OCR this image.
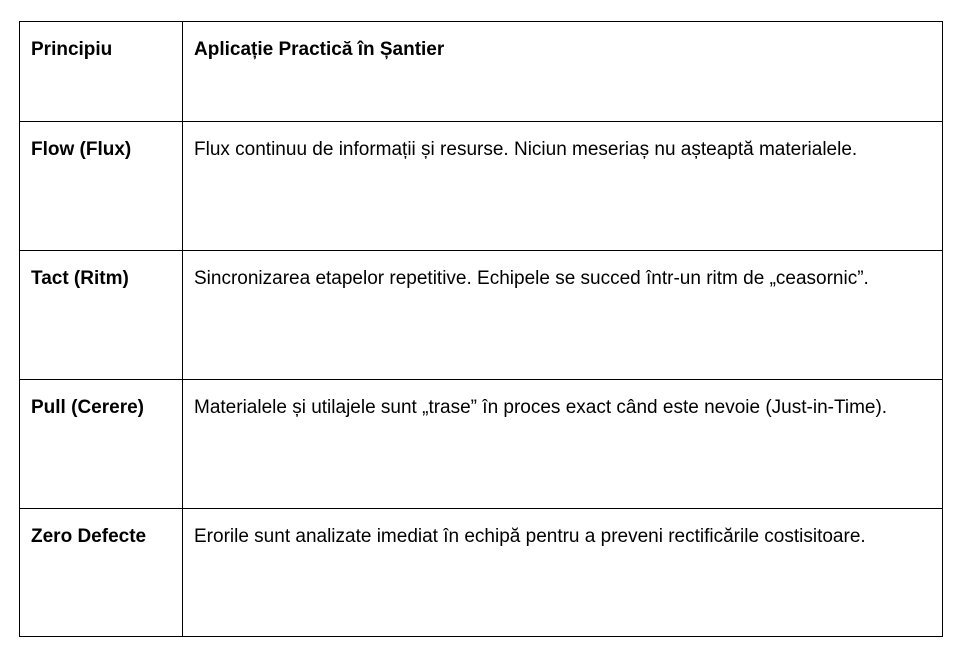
Principiu	Aplicație Practică în Șantier
Flow (Flux)	Flux continuu de informații și resurse. Niciun meseriaș nu așteaptă materialele.
Tact (Ritm)	Sincronizarea etapelor repetitive. Echipele se succed într-un ritm de „ceasornic”.
Pull (Cerere)	Materialele și utilajele sunt „trase” în proces exact când este nevoie (Just-in-Time).
Zero Defecte	Erorile sunt analizate imediat în echipă pentru a preveni rectificările costisitoare.
